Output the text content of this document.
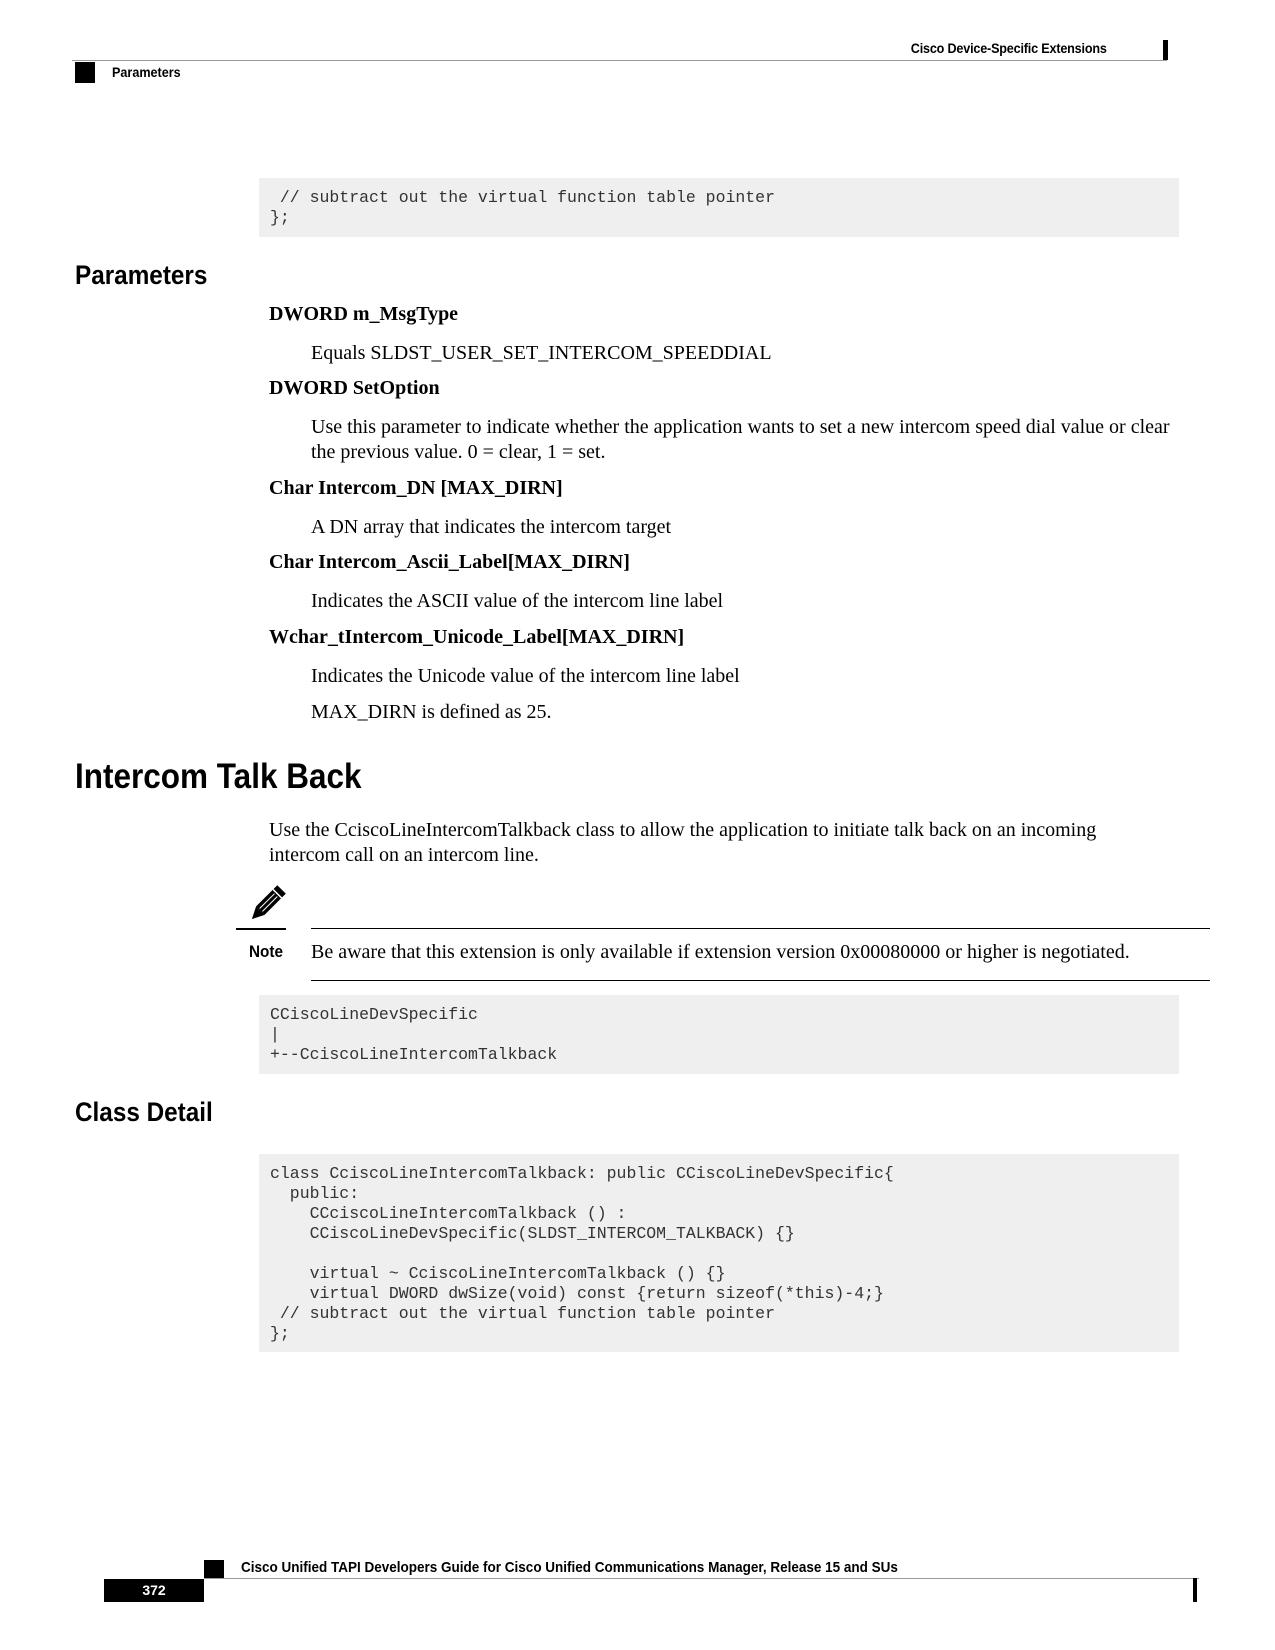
Cisco Device-Specific Extensions
Parameters
// subtract out the virtual function table pointer
};
Parameters
DWORD m_MsgType
Equals SLDST_USER_SET_INTERCOM_SPEEDDIAL
DWORD SetOption
Use this parameter to indicate whether the application wants to set a new intercom speed dial value or clear the previous value. 0 = clear, 1 = set.
Char Intercom_DN [MAX_DIRN]
A DN array that indicates the intercom target
Char Intercom_Ascii_Label[MAX_DIRN]
Indicates the ASCII value of the intercom line label
Wchar_tIntercom_Unicode_Label[MAX_DIRN]
Indicates the Unicode value of the intercom line label
MAX_DIRN is defined as 25.
Intercom Talk Back
Use the CciscoLineIntercomTalkback class to allow the application to initiate talk back on an incoming intercom call on an intercom line.
Note Be aware that this extension is only available if extension version 0x00080000 or higher is negotiated.
CCiscoLineDevSpecific
|
+--CciscoLineIntercomTalkback
Class Detail
class CciscoLineIntercomTalkback: public CCiscoLineDevSpecific{
public:
CCciscoLineIntercomTalkback () :
CCiscoLineDevSpecific(SLDST_INTERCOM_TALKBACK) {}

virtual ~ CciscoLineIntercomTalkback () {}
virtual DWORD dwSize(void) const {return sizeof(*this)-4;}
// subtract out the virtual function table pointer
};
Cisco Unified TAPI Developers Guide for Cisco Unified Communications Manager, Release 15 and SUs
372
